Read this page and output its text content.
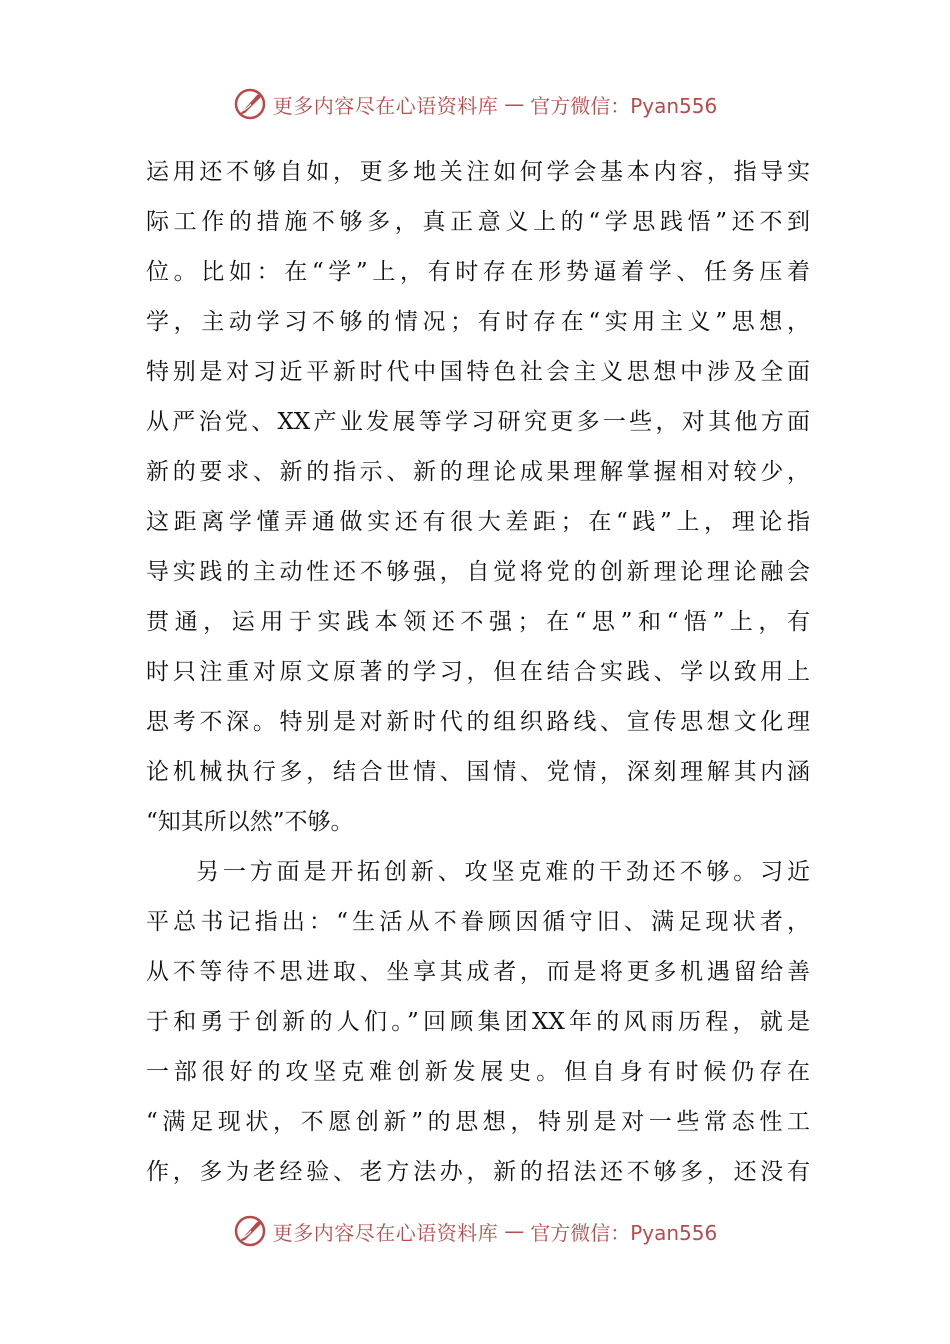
更多内容尽在心语资料库 — 官方微信：Pyan556
运用还不够自如，更多地关注如何学会基本内容，指导实
际工作的措施不够多，真正意义上的“学思践悟”还不到
位。比如：在“学”上，有时存在形势逼着学、任务压着
学，主动学习不够的情况；有时存在“实用主义”思想，
特别是对习近平新时代中国特色社会主义思想中涉及全面
从严治党、XX产业发展等学习研究更多一些，对其他方面
新的要求、新的指示、新的理论成果理解掌握相对较少，
这距离学懂弄通做实还有很大差距；在“践”上，理论指
导实践的主动性还不够强，自觉将党的创新理论理论融会
贯通，运用于实践本领还不强；在“思”和“悟”上，有
时只注重对原文原著的学习，但在结合实践、学以致用上
思考不深。特别是对新时代的组织路线、宣传思想文化理
论机械执行多，结合世情、国情、党情，深刻理解其内涵
“知其所以然”不够。
另一方面是开拓创新、攻坚克难的干劲还不够。习近
平总书记指出：“生活从不眷顾因循守旧、满足现状者，
从不等待不思进取、坐享其成者，而是将更多机遇留给善
于和勇于创新的人们。”回顾集团XX年的风雨历程，就是
一部很好的攻坚克难创新发展史。但自身有时候仍存在
“满足现状，不愿创新”的思想，特别是对一些常态性工
作，多为老经验、老方法办，新的招法还不够多，还没有
更多内容尽在心语资料库 — 官方微信：Pyan556
